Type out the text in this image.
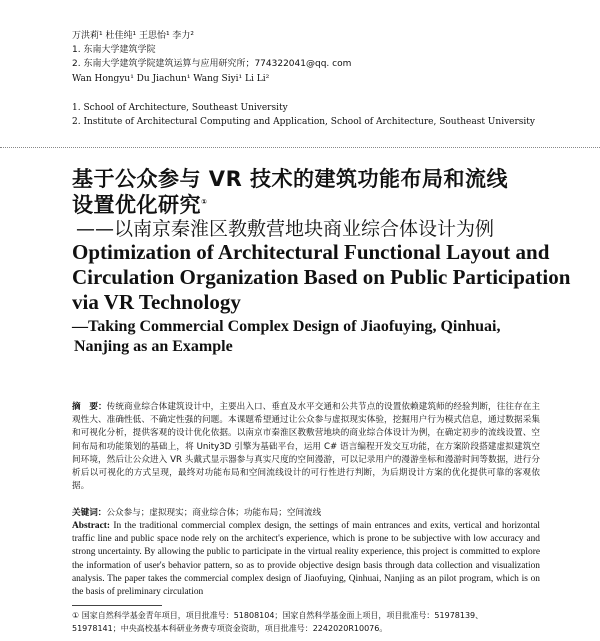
万洪莉¹ 杜佳纯¹ 王思怡¹ 李力²
1. 东南大学建筑学院
2. 东南大学建筑学院建筑运算与应用研究所；774322041@qq. com
Wan Hongyu¹ Du Jiachun¹ Wang Siyi¹ Li Li²
1. School of Architecture, Southeast University
2. Institute of Architectural Computing and Application, School of Architecture, Southeast University
基于公众参与 VR 技术的建筑功能布局和流线
设置优化研究①
——以南京秦淮区教敷营地块商业综合体设计为例
Optimization of Architectural Functional Layout and
Circulation Organization Based on Public Participation
via VR Technology
—Taking Commercial Complex Design of Jiaofuying, Qinhuai,
Nanjing as an Example
摘　要：传统商业综合体建筑设计中，主要出入口、垂直及水平交通和公共节点的设置依赖建筑师的经验判断，往往存在主观性大、准确性低、不确定性强的问题。本课题希望通过让公众参与虚拟现实体验，挖掘用户行为模式信息，通过数据采集和可视化分析，提供客观的设计优化依据。以南京市秦淮区教敷营地块的商业综合体设计为例，在确定初步的流线设置、空间布局和功能策划的基础上，将 Unity3D 引擎为基础平台，运用 C# 语言编程开发交互功能，在方案阶段搭建虚拟建筑空间环境，然后让公众进入 VR 头戴式显示器参与真实尺度的空间漫游，可以记录用户的漫游坐标和漫游时间等数据，进行分析后以可视化的方式呈现，最终对功能布局和空间流线设计的可行性进行判断，为后期设计方案的优化提供可靠的客观依据。
关键词：公众参与；虚拟现实；商业综合体；功能布局；空间流线
Abstract: In the traditional commercial complex design, the settings of main entrances and exits, vertical and horizontal traffic line and public space node rely on the architect's experience, which is prone to be subjective with low accuracy and strong uncertainty. By allowing the public to participate in the virtual reality experience, this project is committed to explore the information of user's behavior pattern, so as to provide objective design basis through data collection and visualization analysis. The paper takes the commercial complex design of Jiaofuying, Qinhuai, Nanjing as an pilot program, which is on the basis of preliminary circulation
① 国家自然科学基金青年项目，项目批准号：51808104；国家自然科学基金面上项目，项目批准号：51978139、
51978141；中央高校基本科研业务费专项资金资助，项目批准号：2242020R10076。
